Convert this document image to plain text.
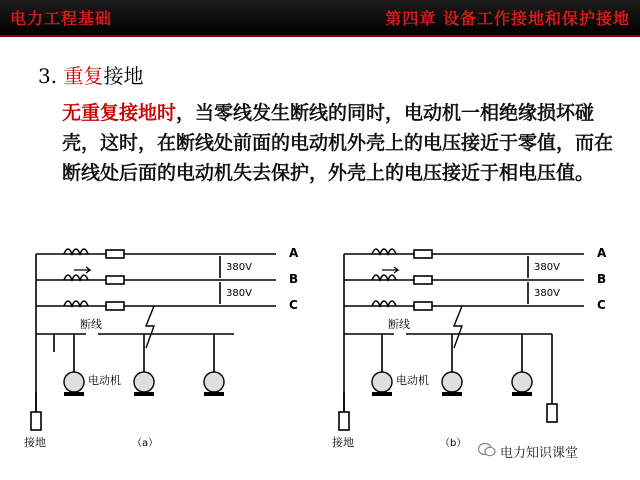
电力工程基础	第四章 设备工作接地和保护接地
3. 重复接地
无重复接地时，当零线发生断线的同时，电动机一相绝缘损坏碰壳，这时，在断线处前面的电动机外壳上的电压接近于零值，而在断线处后面的电动机失去保护，外壳上的电压接近于相电压值。
380V
380V
A
B
C
断线
电动机
接地	（a）
380V
380V
A
B
C
断线
电动机
接地	（b）
电力知识课堂
